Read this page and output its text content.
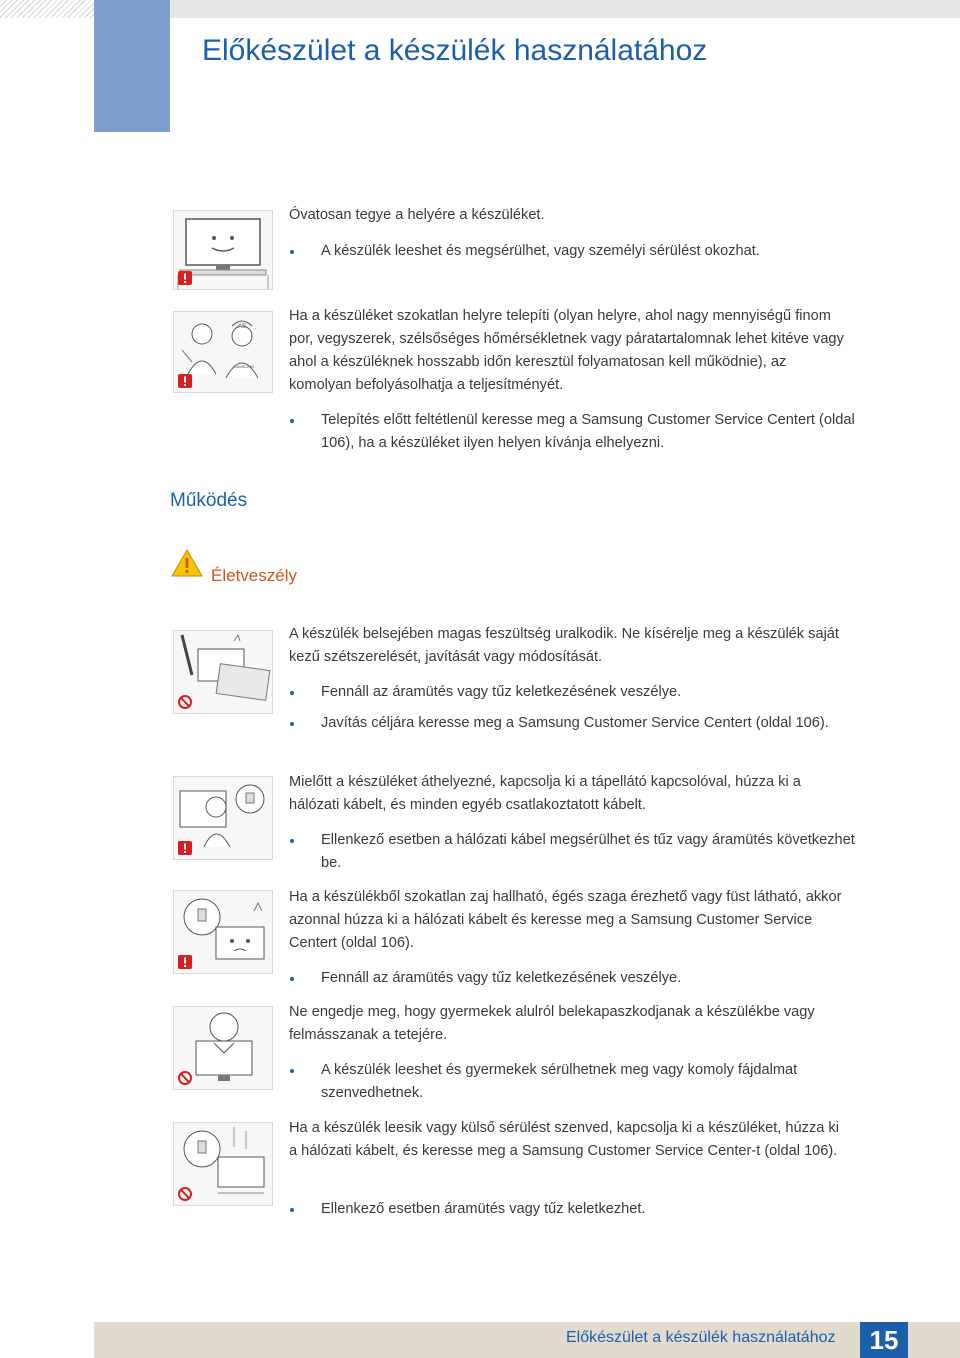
Előkészület a készülék használatához

Óvatosan tegye a helyére a készüléket.

A készülék leeshet és megsérülhet, vagy személyi sérülést okozhat.

AS
SAMSUNG

Ha a készüléket szokatlan helyre telepíti (olyan helyre, ahol nagy mennyiségű finom por, vegyszerek, szélsőséges hőmérsékletnek vagy páratartalomnak lehet kitéve vagy ahol a készüléknek hosszabb időn keresztül folyamatosan kell működnie), az komolyan befolyásolhatja a teljesítményét.

Telepítés előtt feltétlenül keresse meg a Samsung Customer Service Centert (oldal 106), ha a készüléket ilyen helyen kívánja elhelyezni.

Működés
Életveszély

A készülék belsejében magas feszültség uralkodik. Ne kísérelje meg a készülék saját kezű szétszerelését, javítását vagy módosítását.

Fennáll az áramütés vagy tűz keletkezésének veszélye.

Javítás céljára keresse meg a Samsung Customer Service Centert (oldal 106).

Mielőtt a készüléket áthelyezné, kapcsolja ki a tápellátó kapcsolóval, húzza ki a hálózati kábelt, és minden egyéb csatlakoztatott kábelt.

Ellenkező esetben a hálózati kábel megsérülhet és tűz vagy áramütés következhet be.

Ha a készülékből szokatlan zaj hallható, égés szaga érezhető vagy füst látható, akkor azonnal húzza ki a hálózati kábelt és keresse meg a Samsung Customer Service Centert (oldal 106).

Fennáll az áramütés vagy tűz keletkezésének veszélye.

Ne engedje meg, hogy gyermekek alulról belekapaszkodjanak a készülékbe vagy felmásszanak a tetejére.

A készülék leeshet és gyermekek sérülhetnek meg vagy komoly fájdalmat szenvedhetnek.

Ha a készülék leesik vagy külső sérülést szenved, kapcsolja ki a készüléket, húzza ki a hálózati kábelt, és keresse meg a Samsung Customer Service Center-t (oldal 106).

Ellenkező esetben áramütés vagy tűz keletkezhet.

Előkészület a készülék használatához	15
